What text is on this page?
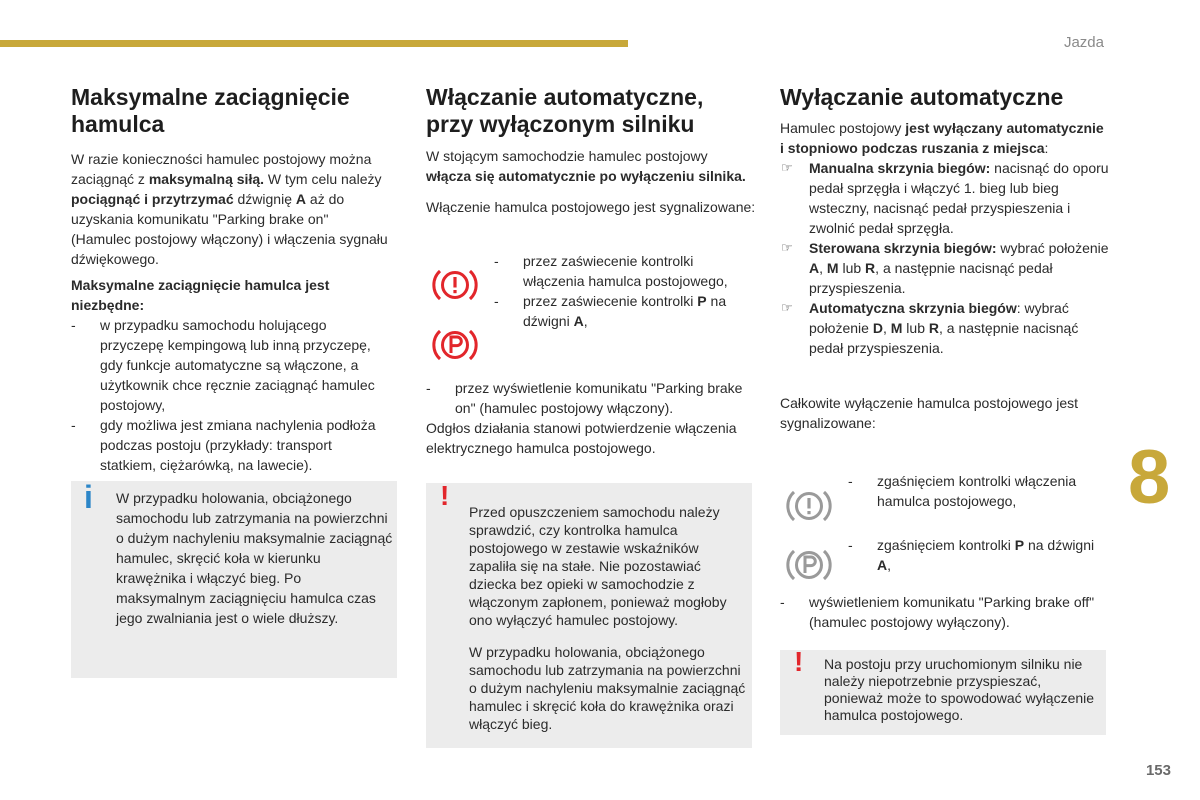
Jazda
8
153
Maksymalne zaciągnięcie hamulca

W razie konieczności hamulec postojowy można zaciągnąć z maksymalną siłą. W tym celu należy pociągnąć i przytrzymać dźwignię A aż do uzyskania komunikatu "Parking brake on" (Hamulec postojowy włączony) i włączenia sygnału dźwiękowego.

Maksymalne zaciągnięcie hamulca jest niezbędne:

- w przypadku samochodu holującego przyczepę kempingową lub inną przyczepę, gdy funkcje automatyczne są włączone, a użytkownik chce ręcznie zaciągnąć hamulec postojowy,
- gdy możliwa jest zmiana nachylenia podłoża podczas postoju (przykłady: transport statkiem, ciężarówką, na lawecie).
i W przypadku holowania, obciążonego samochodu lub zatrzymania na powierzchni o dużym nachyleniu maksymalnie zaciągnąć hamulec, skręcić koła w kierunku krawężnika i włączyć bieg. Po maksymalnym zaciągnięciu hamulca czas jego zwalniania jest o wiele dłuższy.
Włączanie automatyczne, przy wyłączonym silniku

W stojącym samochodzie hamulec postojowy włącza się automatycznie po wyłączeniu silnika.

Włączenie hamulca postojowego jest sygnalizowane:

- przez zaświecenie kontrolki włączenia hamulca postojowego,
- przez zaświecenie kontrolki P na dźwigni A,
- przez wyświetlenie komunikatu "Parking brake on" (hamulec postojowy włączony).

Odgłos działania stanowi potwierdzenie włączenia elektrycznego hamulca postojowego.

!

Przed opuszczeniem samochodu należy sprawdzić, czy kontrolka hamulca postojowego w zestawie wskaźników zapaliła się na stałe. Nie pozostawiać dziecka bez opieki w samochodzie z włączonym zapłonem, ponieważ mogłoby ono wyłączyć hamulec postojowy.

W przypadku holowania, obciążonego samochodu lub zatrzymania na powierzchni o dużym nachyleniu maksymalnie zaciągnąć hamulec i skręcić koła do krawężnika orazi włączyć bieg.

Wyłączanie automatyczne

Hamulec postojowy jest wyłączany automatycznie i stopniowo podczas ruszania z miejsca:

☞ Manualna skrzynia biegów: nacisnąć do oporu pedał sprzęgła i włączyć 1. bieg lub bieg wsteczny, nacisnąć pedał przyspieszenia i zwolnić pedał sprzęgła.
☞ Sterowana skrzynia biegów: wybrać położenie A, M lub R, a następnie nacisnąć pedał przyspieszenia.
☞ Automatyczna skrzynia biegów: wybrać położenie D, M lub R, a następnie nacisnąć pedał przyspieszenia.

Całkowite wyłączenie hamulca postojowego jest sygnalizowane:

- zgaśnięciem kontrolki włączenia hamulca postojowego,
- zgaśnięciem kontrolki P na dźwigni A,
- wyświetleniem komunikatu "Parking brake off" (hamulec postojowy wyłączony).
! Na postoju przy uruchomionym silniku nie należy niepotrzebnie przyspieszać, ponieważ może to spowodować wyłączenie hamulca postojowego.
